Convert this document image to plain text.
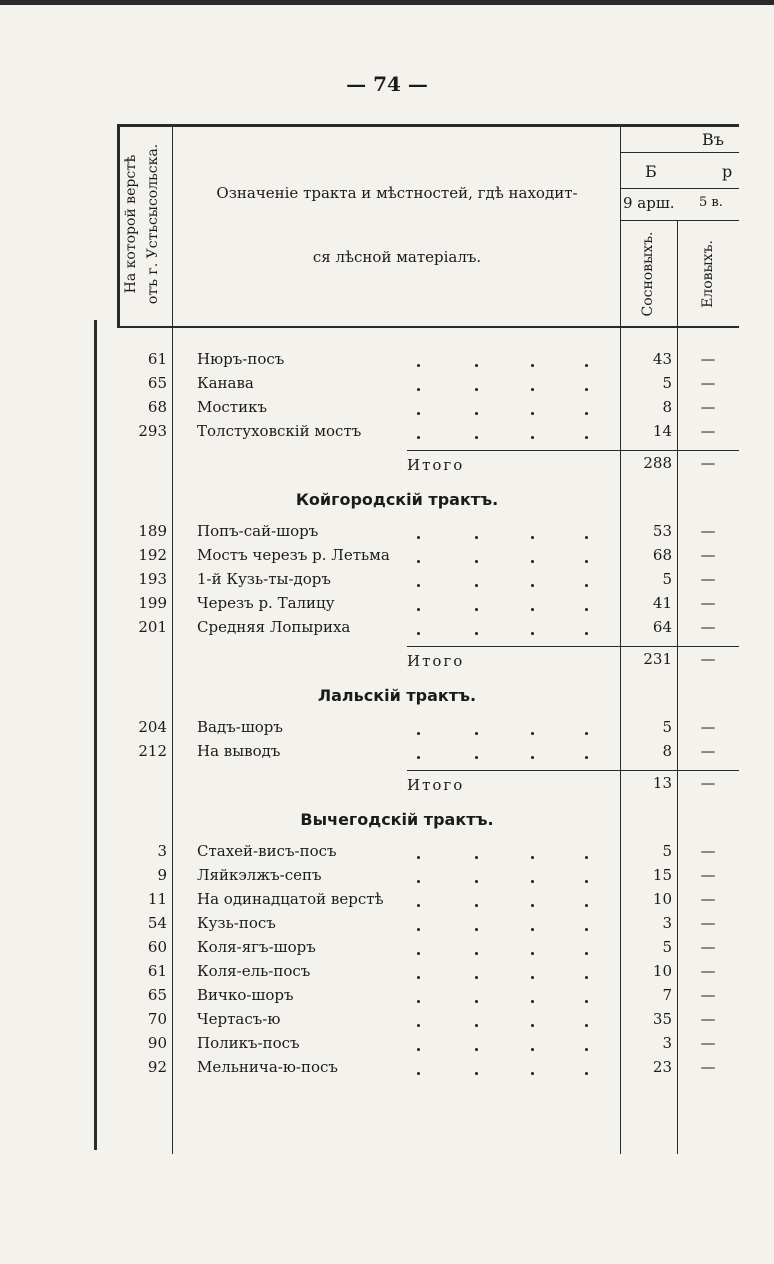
— 74 —
На которой верстѣ отъ г. Устьсысольска.	Означеніе тракта и мѣстностей, гдѣ находит-
ся лѣсной матеріалъ.
Въ
Б	р
9 арш. 5 в.
Сосновыхъ.	Еловыхъ.
⠀
61 Нюръ-посъ	43	—
65 Канава	5	—
68 Мостикъ	8	—
293 Толстуховскій мостъ	14	—
Итого	288	—
Койгородскій трактъ.
189 Попъ-сай-шоръ	53	—
192 Мостъ черезъ р. Летьма	68	—
193 1-й Кузь-ты-доръ	5	—
199 Черезъ р. Талицу	41	—
201 Средняя Лопыриха	64	—
Итого	231	—
Лальскій трактъ.
204 Вадъ-шоръ	5	—
212 На выводъ	8	—
Итого	13	—
Вычегодскій трактъ.
3 Стахей-висъ-посъ	5	—
9 Ляйкэлжъ-сепъ	15	—
11 На одинадцатой верстѣ	10	—
54 Кузь-посъ	3	—
60 Коля-ягъ-шоръ	5	—
61 Коля-ель-посъ	10	—
65 Вичко-шоръ	7	—
70 Чертасъ-ю	35	—
90 Поликъ-посъ	3	—
92 Мельнича-ю-посъ	23	—
